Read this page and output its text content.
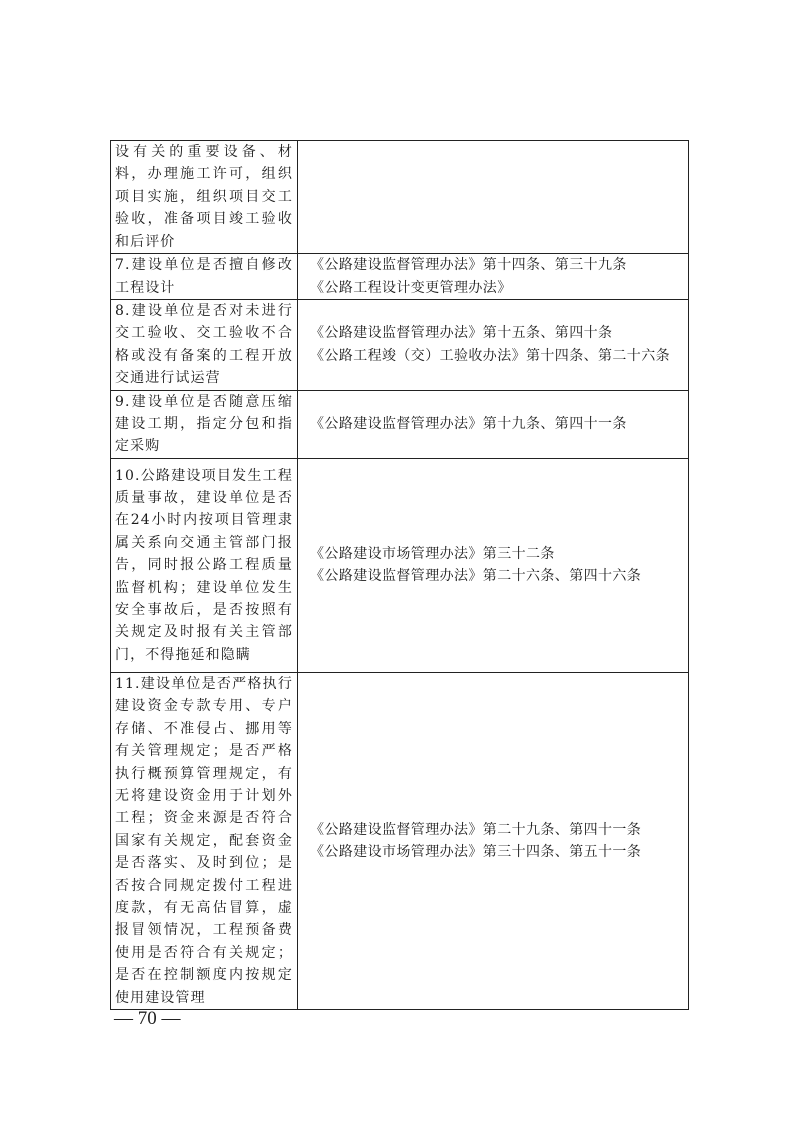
设有关的重要设备、材料，办理施工许可，组织项目实施，组织项目交工验收，准备项目竣工验收和后评价	
7.建设单位是否擅自修改工程设计	《公路建设监督管理办法》第十四条、第三十九条
《公路工程设计变更管理办法》

8.建设单位是否对未进行交工验收、交工验收不合格或没有备案的工程开放交通进行试运营	《公路建设监督管理办法》第十五条、第四十条
《公路工程竣（交）工验收办法》第十四条、第二十六条

9.建设单位是否随意压缩建设工期，指定分包和指定采购	《公路建设监督管理办法》第十九条、第四十一条

10.公路建设项目发生工程质量事故，建设单位是否在24小时内按项目管理隶属关系向交通主管部门报告，同时报公路工程质量监督机构；建设单位发生安全事故后，是否按照有关规定及时报有关主管部门，不得拖延和隐瞒	《公路建设市场管理办法》第三十二条
《公路建设监督管理办法》第二十六条、第四十六条

11.建设单位是否严格执行建设资金专款专用、专户存储、不准侵占、挪用等有关管理规定；是否严格执行概预算管理规定，有无将建设资金用于计划外工程；资金来源是否符合国家有关规定，配套资金是否落实、及时到位；是否按合同规定拨付工程进度款，有无高估冒算，虚报冒领情况，工程预备费使用是否符合有关规定；是否在控制额度内按规定使用建设管理	《公路建设监督管理办法》第二十九条、第四十一条
《公路建设市场管理办法》第三十四条、第五十一条
— 70 —
